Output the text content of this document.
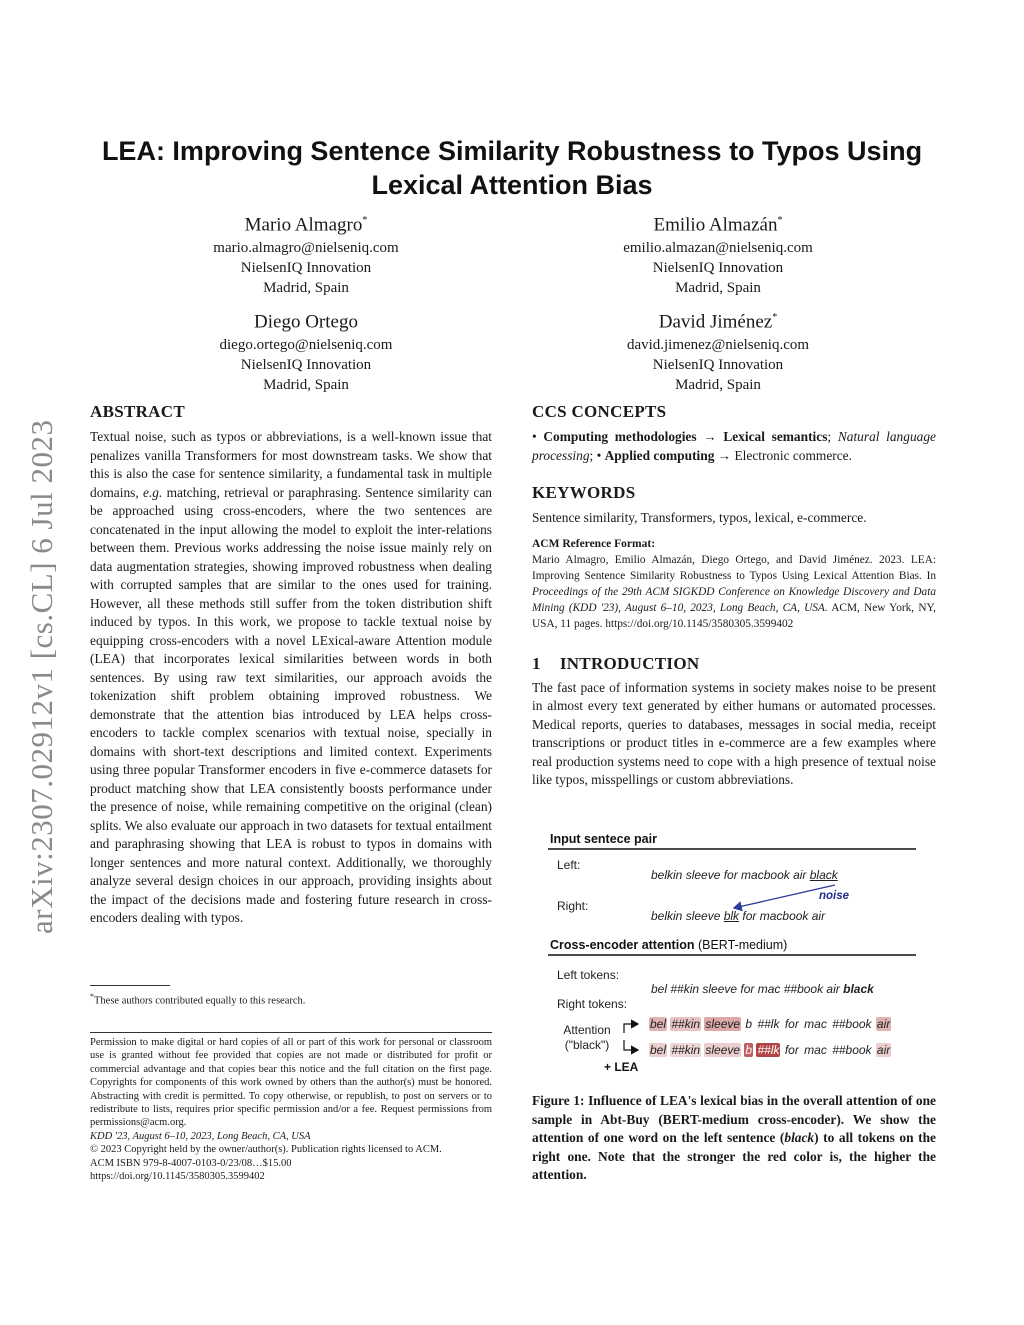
arXiv:2307.02912v1 [cs.CL] 6 Jul 2023
LEA: Improving Sentence Similarity Robustness to Typos Using
Lexical Attention Bias
Mario Almagro*
mario.almagro@nielseniq.com
NielsenIQ Innovation
Madrid, Spain
Emilio Almazán*
emilio.almazan@nielseniq.com
NielsenIQ Innovation
Madrid, Spain
Diego Ortego
diego.ortego@nielseniq.com
NielsenIQ Innovation
Madrid, Spain
David Jiménez*
david.jimenez@nielseniq.com
NielsenIQ Innovation
Madrid, Spain
ABSTRACT
Textual noise, such as typos or abbreviations, is a well-known issue that penalizes vanilla Transformers for most downstream tasks. We show that this is also the case for sentence similarity, a fundamental task in multiple domains, e.g. matching, retrieval or paraphrasing. Sentence similarity can be approached using cross-encoders, where the two sentences are concatenated in the input allowing the model to exploit the inter-relations between them. Previous works addressing the noise issue mainly rely on data augmentation strategies, showing improved robustness when dealing with corrupted samples that are similar to the ones used for training. However, all these methods still suffer from the token distribution shift induced by typos. In this work, we propose to tackle textual noise by equipping cross-encoders with a novel LExical-aware Attention module (LEA) that incorporates lexical similarities between words in both sentences. By using raw text similarities, our approach avoids the tokenization shift problem obtaining improved robustness. We demonstrate that the attention bias introduced by LEA helps cross-encoders to tackle complex scenarios with textual noise, specially in domains with short-text descriptions and limited context. Experiments using three popular Transformer encoders in five e-commerce datasets for product matching show that LEA consistently boosts performance under the presence of noise, while remaining competitive on the original (clean) splits. We also evaluate our approach in two datasets for textual entailment and paraphrasing showing that LEA is robust to typos in domains with longer sentences and more natural context. Additionally, we thoroughly analyze several design choices in our approach, providing insights about the impact of the decisions made and fostering future research in cross-encoders dealing with typos.
*These authors contributed equally to this research.
Permission to make digital or hard copies of all or part of this work for personal or classroom use is granted without fee provided that copies are not made or distributed for profit or commercial advantage and that copies bear this notice and the full citation on the first page. Copyrights for components of this work owned by others than the author(s) must be honored. Abstracting with credit is permitted. To copy otherwise, or republish, to post on servers or to redistribute to lists, requires prior specific permission and/or a fee. Request permissions from permissions@acm.org.
KDD '23, August 6–10, 2023, Long Beach, CA, USA
© 2023 Copyright held by the owner/author(s). Publication rights licensed to ACM.
ACM ISBN 979-8-4007-0103-0/23/08…$15.00
https://doi.org/10.1145/3580305.3599402
CCS CONCEPTS
• Computing methodologies → Lexical semantics; Natural language processing; • Applied computing → Electronic commerce.
KEYWORDS
Sentence similarity, Transformers, typos, lexical, e-commerce.
ACM Reference Format:
Mario Almagro, Emilio Almazán, Diego Ortego, and David Jiménez. 2023. LEA: Improving Sentence Similarity Robustness to Typos Using Lexical Attention Bias. In Proceedings of the 29th ACM SIGKDD Conference on Knowledge Discovery and Data Mining (KDD '23), August 6–10, 2023, Long Beach, CA, USA. ACM, New York, NY, USA, 11 pages. https://doi.org/10.1145/3580305.3599402
1 INTRODUCTION
The fast pace of information systems in society makes noise to be present in almost every text generated by either humans or automated processes. Medical reports, queries to databases, messages in social media, receipt transcriptions or product titles in e-commerce are a few examples where real production systems need to cope with a high presence of textual noise like typos, misspellings or custom abbreviations.
Input sentece pair
Left:
belkin sleeve for macbook air black
noise
Right:
belkin sleeve blk for macbook air
Cross-encoder attention (BERT-medium)
Left tokens:
bel ##kin sleeve for mac ##book air black
Right tokens:
Attention
("black")
bel ##kin sleeve b ##lk for mac ##book air
bel ##kin sleeve b ##lk for mac ##book air
+ LEA
Figure 1: Influence of LEA's lexical bias in the overall attention of one sample in Abt-Buy (BERT-medium cross-encoder). We show the attention of one word on the left sentence (black) to all tokens on the right one. Note that the stronger the red color is, the higher the attention.
